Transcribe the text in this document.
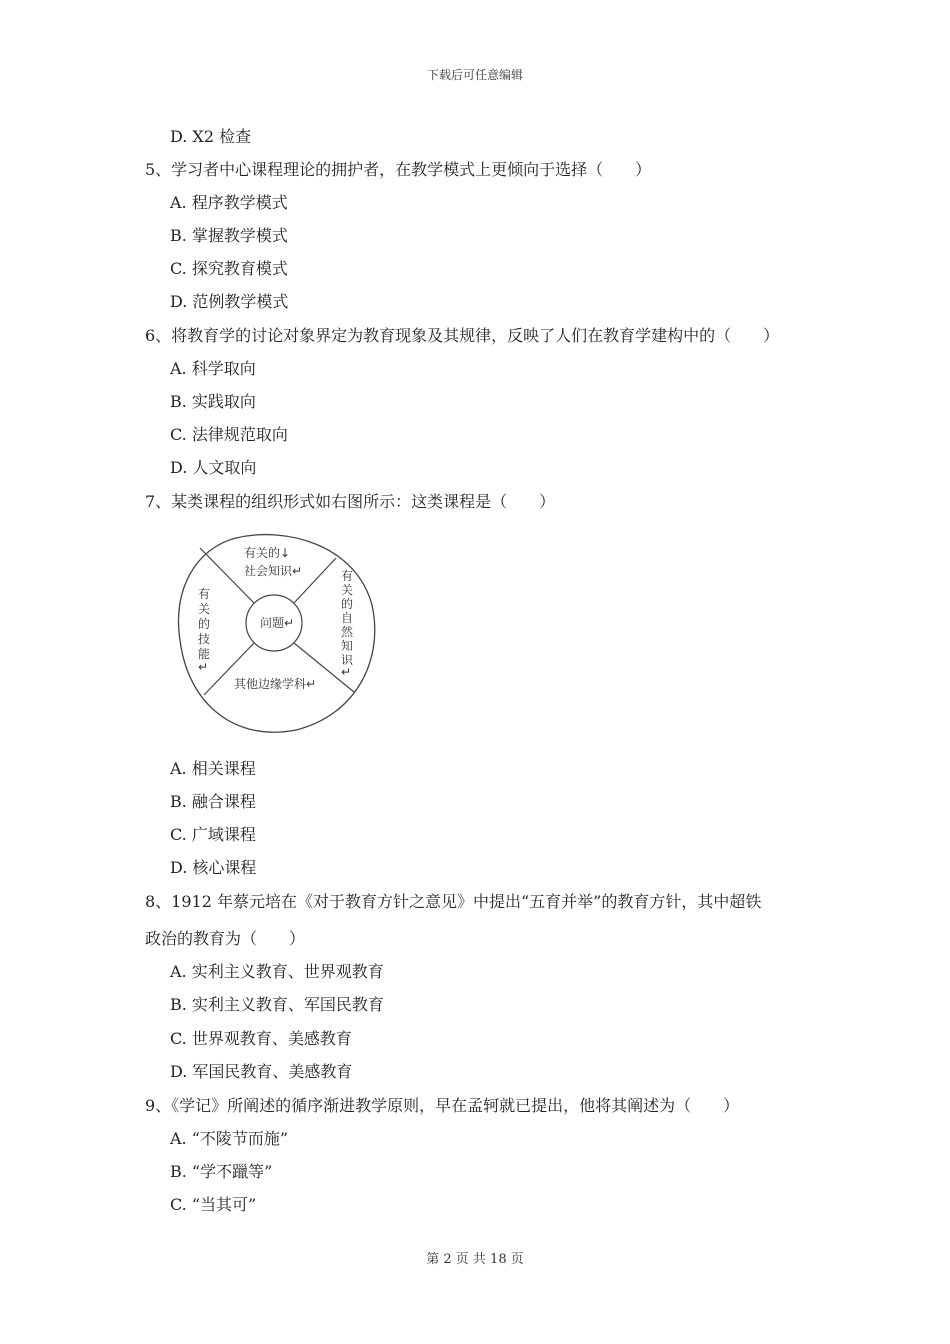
下载后可任意编辑
D. X2 检查
5、学习者中心课程理论的拥护者，在教学模式上更倾向于选择（　　）
A. 程序教学模式
B. 掌握教学模式
C. 探究教育模式
D. 范例教学模式
6、将教育学的讨论对象界定为教育现象及其规律，反映了人们在教育学建构中的（　　）
A. 科学取向
B. 实践取向
C. 法律规范取向
D. 人文取向
7、某类课程的组织形式如右图所示：这类课程是（　　）
问题↵
有关的↓
社会知识↵	有
关
的
自
然
知
识
↵
有
关
的
技
能
↵
其他边缘学科↵
A. 相关课程
B. 融合课程
C. 广域课程
D. 核心课程
8、1912 年蔡元培在《对于教育方针之意见》中提出“五育并举”的教育方针，其中超铁
政治的教育为（　　）
A. 实利主义教育、世界观教育
B. 实利主义教育、军国民教育
C. 世界观教育、美感教育
D. 军国民教育、美感教育
9、《学记》所阐述的循序渐进教学原则，早在孟轲就已提出，他将其阐述为（　　）
A. “不陵节而施”
B. “学不躐等”
C. “当其可”
第 2 页 共 18 页
